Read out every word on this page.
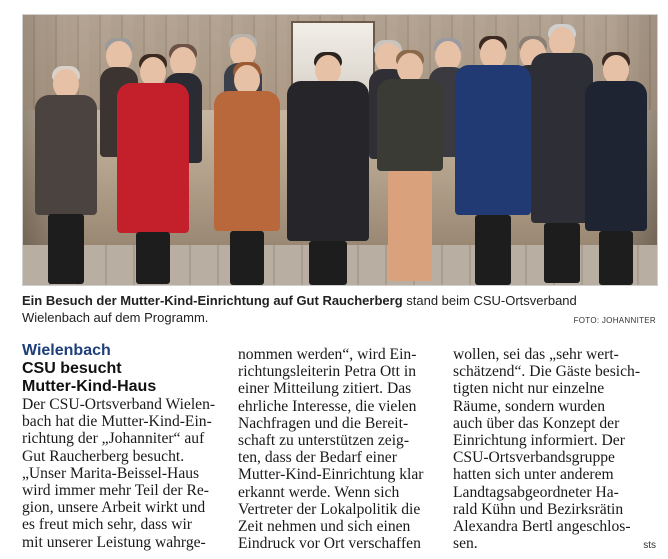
Ein Besuch der Mutter-Kind-Einrichtung auf Gut Raucherberg stand beim CSU-Ortsverband
Wielenbach auf dem Programm.	FOTO: JOHANNITER
Wielenbach
CSU besucht
Mutter-Kind-Haus
Der CSU-Ortsverband Wielen-
bach hat die Mutter-Kind-Ein-
richtung der „Johanniter“ auf
Gut Raucherberg besucht.
„Unser Marita-Beissel-Haus
wird immer mehr Teil der Re-
gion, unsere Arbeit wirkt und
es freut mich sehr, dass wir
mit unserer Leistung wahrge-
nommen werden“, wird Ein-
richtungsleiterin Petra Ott in
einer Mitteilung zitiert. Das
ehrliche Interesse, die vielen
Nachfragen und die Bereit-
schaft zu unterstützen zeig-
ten, dass der Bedarf einer
Mutter-Kind-Einrichtung klar
erkannt werde. Wenn sich
Vertreter der Lokalpolitik die
Zeit nehmen und sich einen
Eindruck vor Ort verschaffen
wollen, sei das „sehr wert-
schätzend“. Die Gäste besich-
tigten nicht nur einzelne
Räume, sondern wurden
auch über das Konzept der
Einrichtung informiert. Der
CSU-Ortsverbandsgruppe
hatten sich unter anderem
Landtagsabgeordneter Ha-
rald Kühn und Bezirksrätin
Alexandra Bertl angeschlos-
sen.	sts
